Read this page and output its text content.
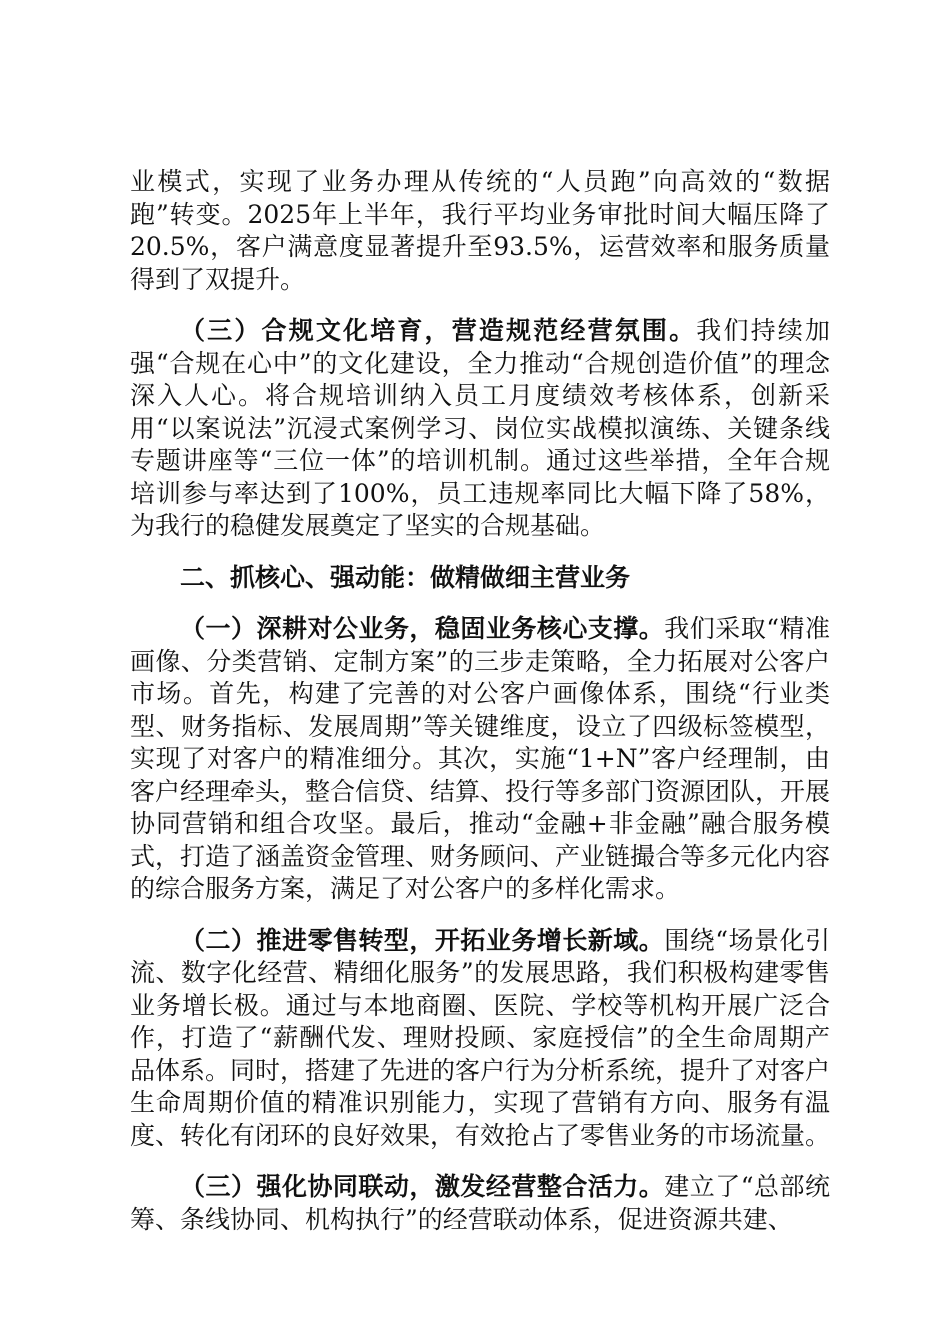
业模式，实现了业务办理从传统的“人员跑”向高效的“数据跑”转变。2025年上半年，我行平均业务审批时间大幅压降了20.5%，客户满意度显著提升至93.5%，运营效率和服务质量得到了双提升。

（三）合规文化培育，营造规范经营氛围。我们持续加强“合规在心中”的文化建设，全力推动“合规创造价值”的理念深入人心。将合规培训纳入员工月度绩效考核体系，创新采用“以案说法”沉浸式案例学习、岗位实战模拟演练、关键条线专题讲座等“三位一体”的培训机制。通过这些举措，全年合规培训参与率达到了100%，员工违规率同比大幅下降了58%，为我行的稳健发展奠定了坚实的合规基础。

二、抓核心、强动能：做精做细主营业务

（一）深耕对公业务，稳固业务核心支撑。我们采取“精准画像、分类营销、定制方案”的三步走策略，全力拓展对公客户市场。首先，构建了完善的对公客户画像体系，围绕“行业类型、财务指标、发展周期”等关键维度，设立了四级标签模型，实现了对客户的精准细分。其次，实施“1+N”客户经理制，由客户经理牵头，整合信贷、结算、投行等多部门资源团队，开展协同营销和组合攻坚。最后，推动“金融+非金融”融合服务模式，打造了涵盖资金管理、财务顾问、产业链撮合等多元化内容的综合服务方案，满足了对公客户的多样化需求。

（二）推进零售转型，开拓业务增长新域。围绕“场景化引流、数字化经营、精细化服务”的发展思路，我们积极构建零售业务增长极。通过与本地商圈、医院、学校等机构开展广泛合作，打造了“薪酬代发、理财投顾、家庭授信”的全生命周期产品体系。同时，搭建了先进的客户行为分析系统，提升了对客户生命周期价值的精准识别能力，实现了营销有方向、服务有温度、转化有闭环的良好效果，有效抢占了零售业务的市场流量。

（三）强化协同联动，激发经营整合活力。建立了“总部统筹、条线协同、机构执行”的经营联动体系，促进资源共建、
